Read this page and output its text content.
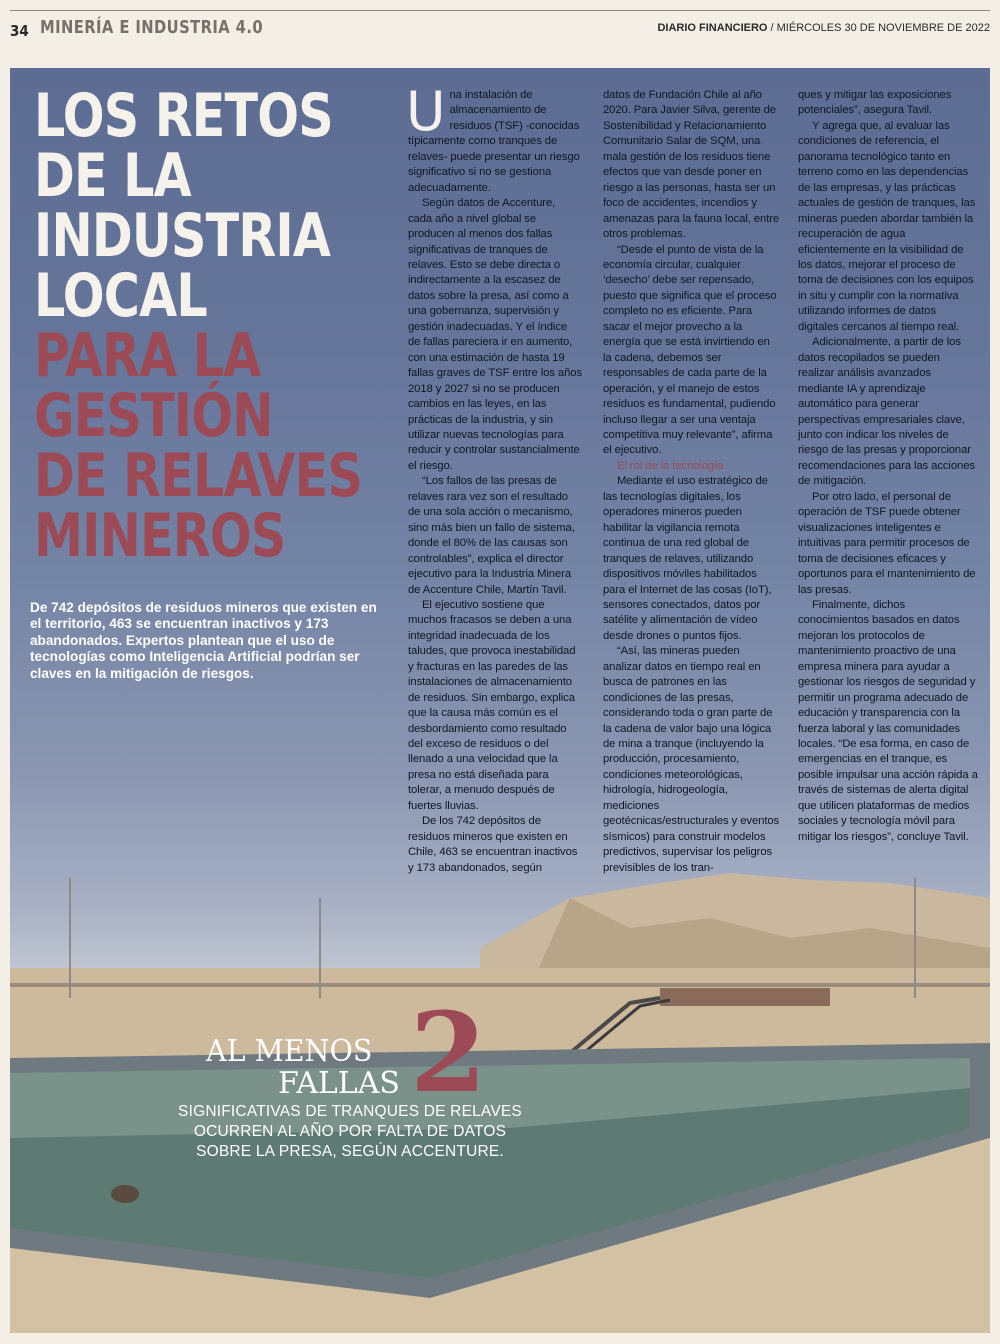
34 MINERÍA E INDUSTRIA 4.0	DIARIO FINANCIERO / MIÉRCOLES 30 DE NOVIEMBRE DE 2022
LOS RETOS
DE LA
INDUSTRIA
LOCAL
PARA LA
GESTIÓN
DE RELAVES
MINEROS

De 742 depósitos de residuos mineros que existen en el territorio, 463 se encuentran inactivos y 173 abandonados. Expertos plantean que el uso de tecnologías como Inteligencia Artificial podrían ser claves en la mitigación de riesgos.

Una instalación de almacenamiento de residuos (TSF) -conocidas típicamente como tranques de relaves- puede presentar un riesgo significativo si no se gestiona adecuadamente.

Según datos de Accenture, cada año a nivel global se producen al menos dos fallas significativas de tranques de relaves. Esto se debe directa o indirectamente a la escasez de datos sobre la presa, así como a una gobernanza, supervisión y gestión inadecuadas. Y el índice de fallas pareciera ir en aumento, con una estimación de hasta 19 fallas graves de TSF entre los años 2018 y 2027 si no se producen cambios en las leyes, en las prácticas de la industria, y sin utilizar nuevas tecnologías para reducir y controlar sustancialmente el riesgo.

“Los fallos de las presas de relaves rara vez son el resultado de una sola acción o mecanismo, sino más bien un fallo de sistema, donde el 80% de las causas son controlables”, explica el director ejecutivo para la Industria Minera de Accenture Chile, Martín Tavil.

El ejecutivo sostiene que muchos fracasos se deben a una integridad inadecuada de los taludes, que provoca inestabilidad y fracturas en las paredes de las instalaciones de almacenamiento de residuos. Sin embargo, explica que la causa más común es el desbordamiento como resultado del exceso de residuos o del llenado a una velocidad que la presa no está diseñada para tolerar, a menudo después de fuertes lluvias.

De los 742 depósitos de residuos mineros que existen en Chile, 463 se encuentran inactivos y 173 abandonados, según

datos de Fundación Chile al año 2020. Para Javier Silva, gerente de Sostenibilidad y Relacionamiento Comunitario Salar de SQM, una mala gestión de los residuos tiene efectos que van desde poner en riesgo a las personas, hasta ser un foco de accidentes, incendios y amenazas para la fauna local, entre otros problemas.

“Desde el punto de vista de la economía circular, cualquier ‘desecho’ debe ser repensado, puesto que significa que el proceso completo no es eficiente. Para sacar el mejor provecho a la energía que se está invirtiendo en la cadena, debemos ser responsables de cada parte de la operación, y el manejo de estos residuos es fundamental, pudiendo incluso llegar a ser una ventaja competitiva muy relevante”, afirma el ejecutivo.

El rol de la tecnología

Mediante el uso estratégico de las tecnologías digitales, los operadores mineros pueden habilitar la vigilancia remota continua de una red global de tranques de relaves, utilizando dispositivos móviles habilitados para el Internet de las cosas (IoT), sensores conectados, datos por satélite y alimentación de vídeo desde drones o puntos fijos.

“Así, las mineras pueden analizar datos en tiempo real en busca de patrones en las condiciones de las presas, considerando toda o gran parte de la cadena de valor bajo una lógica de mina a tranque (incluyendo la producción, procesamiento, condiciones meteorológicas, hidrología, hidrogeología, mediciones geotécnicas/estructurales y eventos sísmicos) para construir modelos predictivos, supervisar los peligros previsibles de los tran-

ques y mitigar las exposiciones potenciales”, asegura Tavil.

Y agrega que, al evaluar las condiciones de referencia, el panorama tecnológico tanto en terreno como en las dependencias de las empresas, y las prácticas actuales de gestión de tranques, las mineras pueden abordar también la recuperación de agua eficientemente en la visibilidad de los datos, mejorar el proceso de toma de decisiones con los equipos in situ y cumplir con la normativa utilizando informes de datos digitales cercanos al tiempo real.

Adicionalmente, a partir de los datos recopilados se pueden realizar análisis avanzados mediante IA y aprendizaje automático para generar perspectivas empresariales clave, junto con indicar los niveles de riesgo de las presas y proporcionar recomendaciones para las acciones de mitigación.

Por otro lado, el personal de operación de TSF puede obtener visualizaciones inteligentes e intuitivas para permitir procesos de toma de decisiones eficaces y oportunos para el mantenimiento de las presas.

Finalmente, dichos conocimientos basados en datos mejoran los protocolos de mantenimiento proactivo de una empresa minera para ayudar a gestionar los riesgos de seguridad y permitir un programa adecuado de educación y transparencia con la fuerza laboral y las comunidades locales. “De esa forma, en caso de emergencias en el tranque, es posible impulsar una acción rápida a través de sistemas de alerta digital que utilicen plataformas de medios sociales y tecnología móvil para mitigar los riesgos”, concluye Tavil.

2
AL MENOS
FALLAS
SIGNIFICATIVAS DE TRANQUES DE RELAVES OCURREN AL AÑO POR FALTA DE DATOS SOBRE LA PRESA, SEGÚN ACCENTURE.
